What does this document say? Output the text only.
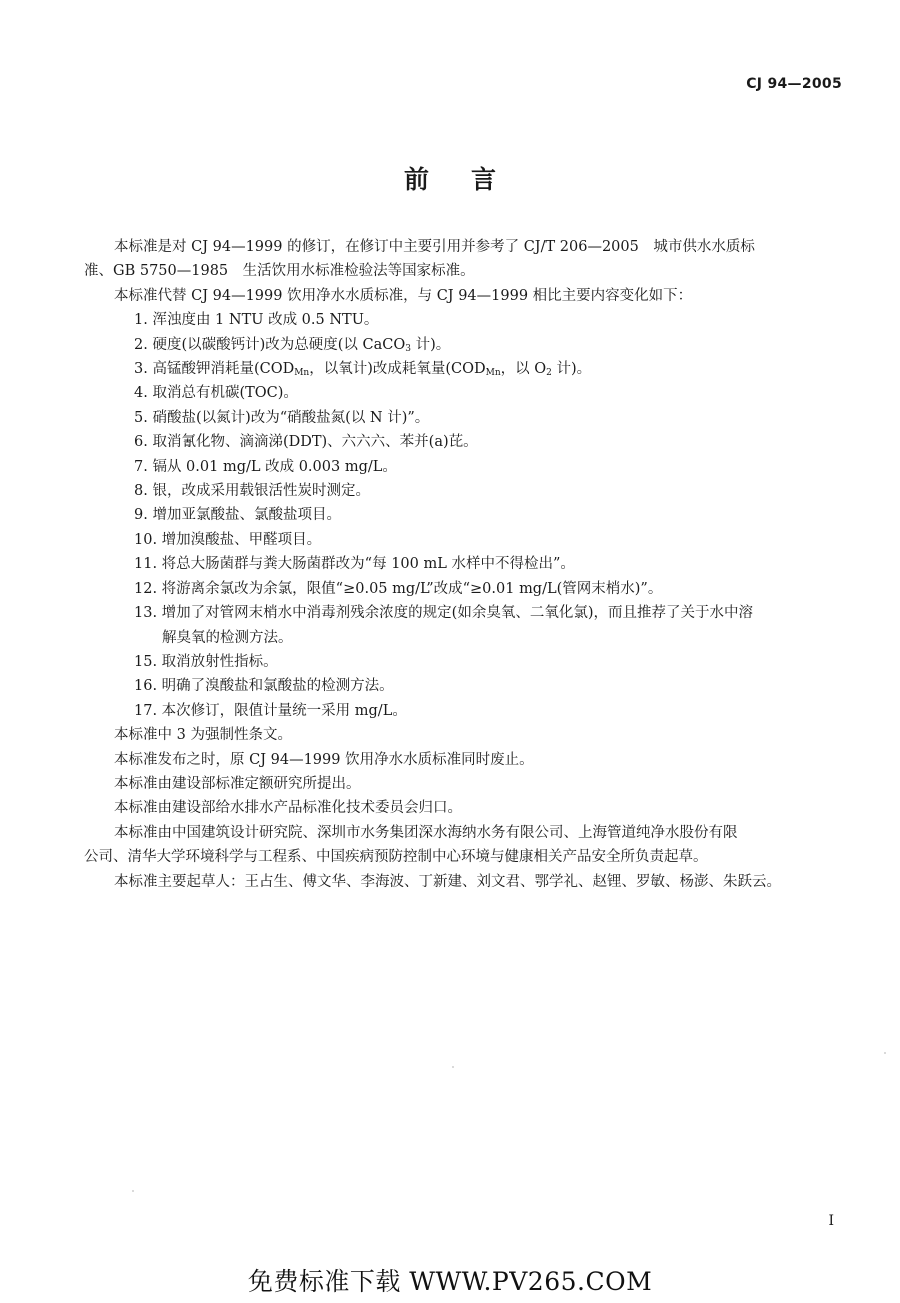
CJ 94—2005
前 言
本标准是对 CJ 94—1999 的修订，在修订中主要引用并参考了 CJ/T 206—2005　城市供水水质标
准、GB 5750—1985　生活饮用水标准检验法等国家标准。
本标准代替 CJ 94—1999 饮用净水水质标准，与 CJ 94—1999 相比主要内容变化如下：
1. 浑浊度由 1 NTU 改成 0.5 NTU。
2. 硬度(以碳酸钙计)改为总硬度(以 CaCO$_3$ 计)。
3. 高锰酸钾消耗量($COD_{Mn}$，以氧计)改成耗氧量($COD_{Mn}$，以 $O_2$ 计)。
4. 取消总有机碳(TOC)。
5. 硝酸盐(以氮计)改为“硝酸盐氮(以 N 计)”。
6. 取消氰化物、滴滴涕(DDT)、六六六、苯并(a)芘。
7. 镉从 0.01 mg/L 改成 0.003 mg/L。
8. 银，改成采用载银活性炭时测定。
9. 增加亚氯酸盐、氯酸盐项目。
10. 增加溴酸盐、甲醛项目。
11. 将总大肠菌群与粪大肠菌群改为“每 100 mL 水样中不得检出”。
12. 将游离余氯改为余氯，限值“≥0.05 mg/L”改成“≥0.01 mg/L(管网末梢水)”。
13. 增加了对管网末梢水中消毒剂残余浓度的规定(如余臭氧、二氧化氯)，而且推荐了关于水中溶
解臭氧的检测方法。
15. 取消放射性指标。
16. 明确了溴酸盐和氯酸盐的检测方法。
17. 本次修订，限值计量统一采用 mg/L。
本标准中 3 为强制性条文。
本标准发布之时，原 CJ 94—1999 饮用净水水质标准同时废止。
本标准由建设部标准定额研究所提出。
本标准由建设部给水排水产品标准化技术委员会归口。
本标准由中国建筑设计研究院、深圳市水务集团深水海纳水务有限公司、上海管道纯净水股份有限
公司、清华大学环境科学与工程系、中国疾病预防控制中心环境与健康相关产品安全所负责起草。
本标准主要起草人：王占生、傅文华、李海波、丁新建、刘文君、鄂学礼、赵锂、罗敏、杨澎、朱跃云。
I
免费标准下载 WWW.PV265.COM
